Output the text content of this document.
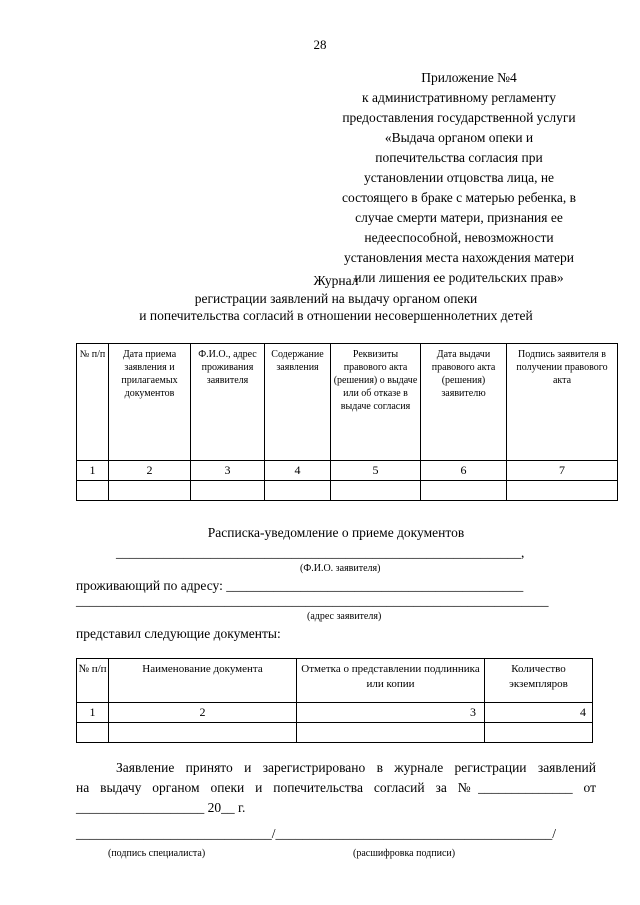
28
Приложение №4
к административному регламенту
предоставления государственной услуги
«Выдача органом опеки и
попечительства согласия при
установлении отцовства лица, не
состоящего в браке с матерью ребенка, в
случае смерти матери, признания ее
недееспособной, невозможности
установления места нахождения матери
или лишения ее родительских прав»
Журнал
регистрации заявлений на выдачу органом опеки
и попечительства согласий в отношении несовершеннолетних детей
№ п/п	Дата приема заявления и прилагаемых документов	Ф.И.О., адрес проживания заявителя	Содержание заявления	Реквизиты правового акта (решения) о выдаче или об отказе в выдаче согласия	Дата выдачи правового акта (решения) заявителю	Подпись заявителя в получении правового акта
1	2	3	4	5	6	7

Расписка-уведомление о приеме документов
____________________________________________________________,
(Ф.И.О. заявителя)
проживающий по адресу: ____________________________________________
______________________________________________________________________
(адрес заявителя)
представил следующие документы:
№ п/п	Наименование документа	Отметка о представлении подлинника или копии	Количество экземпляров
1	2	3	4

Заявление принято и зарегистрировано в журнале регистрации заявлений

на выдачу органом опеки и попечительства согласий за №______________ от

___________________ 20__ г.

_____________________________/_________________________________________/
(подпись специалиста)	(расшифровка подписи)
